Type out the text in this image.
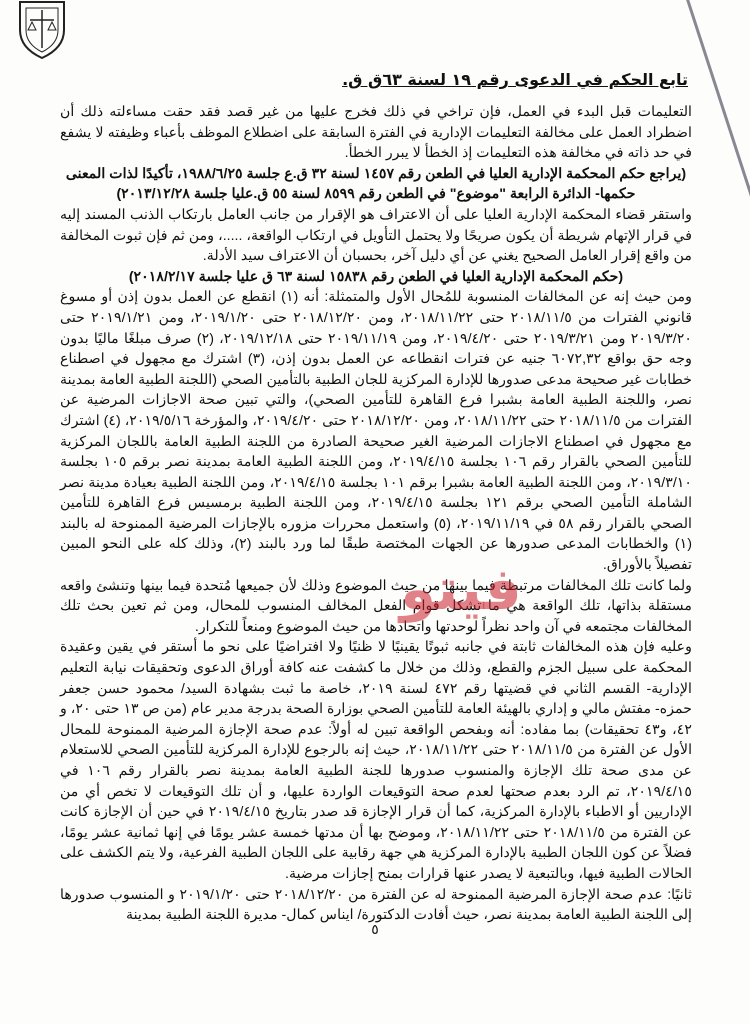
تابع الحكم في الدعوى رقم ١٩ لسنة ٦٣ق ق.

التعليمات قبل البدء في العمل، فإن تراخي في ذلك فخرج عليها من غير قصد فقد حقت مساءلته ذلك أن اضطراد العمل على مخالفة التعليمات الإدارية في الفترة السابقة على اضطلاع الموظف بأعباء وظيفته لا يشفع في حد ذاته في مخالفة هذه التعليمات إذ الخطأ لا يبرر الخطأ.

(يراجع حكم المحكمة الإدارية العليا في الطعن رقم ١٤٥٧ لسنة ٣٢ ق.ع جلسة ١٩٨٨/٦/٢٥، تأكيدًا لذات المعنى حكمها- الدائرة الرابعة "موضوع" في الطعن رقم ٨٥٩٩ لسنة ٥٥ ق.عليا جلسة ٢٠١٣/١٢/٢٨)

واستقر قضاء المحكمة الإدارية العليا على أن الاعتراف هو الإقرار من جانب العامل بارتكاب الذنب المسند إليه في قرار الإتهام شريطة أن يكون صريحًا ولا يحتمل التأويل في ارتكاب الواقعة، .....، ومن ثم فإن ثبوت المخالفة من واقع إقرار العامل الصحيح يغني عن أي دليل آخر، بحسبان أن الاعتراف سيد الأدلة.

(حكم المحكمة الإدارية العليا في الطعن رقم ١٥٨٣٨ لسنة ٦٣ ق عليا جلسة ٢٠١٨/٢/١٧)

ومن حيث إنه عن المخالفات المنسوبة للمُحال الأول والمتمثلة: أنه (١) انقطع عن العمل بدون إذن أو مسوغ قانوني الفترات من ٢٠١٨/١١/٥ حتى ٢٠١٨/١١/٢٢، ومن ٢٠١٨/١٢/٢٠ حتى ٢٠١٩/١/٢٠، ومن ٢٠١٩/١/٢١ حتى ٢٠١٩/٣/٢٠ ومن ٢٠١٩/٣/٢١ حتى ٢٠١٩/٤/٢٠، ومن ٢٠١٩/١١/١٩ حتى ٢٠١٩/١٢/١٨، (٢) صرف مبلغًا ماليًا بدون وجه حق بواقع ٦٠٧٢,٣٢ جنيه عن فترات انقطاعه عن العمل بدون إذن، (٣) اشترك مع مجهول في اصطناع خطابات غير صحيحة مدعى صدورها للإدارة المركزية للجان الطبية بالتأمين الصحي (اللجنة الطبية العامة بمدينة نصر، واللجنة الطبية العامة بشبرا فرع القاهرة للتأمين الصحي)، والتي تبين صحة الاجازات المرضية عن الفترات من ٢٠١٨/١١/٥ حتى ٢٠١٨/١١/٢٢، ومن ٢٠١٨/١٢/٢٠ حتى ٢٠١٩/٤/٢٠، والمؤرخة ٢٠١٩/٥/١٦، (٤) اشترك مع مجهول في اصطناع الاجازات المرضية الغير صحيحة الصادرة من اللجنة الطبية العامة باللجان المركزية للتأمين الصحي بالقرار رقم ١٠٦ بجلسة ٢٠١٩/٤/١٥، ومن اللجنة الطبية العامة بمدينة نصر برقم ١٠٥ بجلسة ٢٠١٩/٣/١٠، ومن اللجنة الطبية العامة بشبرا برقم ١٠١ بجلسة ٢٠١٩/٤/١٥، ومن اللجنة الطبية بعيادة مدينة نصر الشاملة التأمين الصحي برقم ١٢١ بجلسة ٢٠١٩/٤/١٥، ومن اللجنة الطبية برمسيس فرع القاهرة للتأمين الصحي بالقرار رقم ٥٨ في ٢٠١٩/١١/١٩، (٥) واستعمل محررات مزوره بالإجازات المرضية الممنوحة له بالبند (١) والخطابات المدعى صدورها عن الجهات المختصة طبقًا لما ورد بالبند (٢)، وذلك كله على النحو المبين تفصيلاً بالأوراق.

ولما كانت تلك المخالفات مرتبطة فيما بينها من حيث الموضوع وذلك لأن جميعها مُتحدة فيما بينها وتنشئ واقعه مستقلة بذاتها، تلك الواقعة هي ما تشكل قوام الفعل المخالف المنسوب للمحال، ومن ثم تعين بحث تلك المخالفات مجتمعه في آن واحد نظراً لوحدتها واتحادها من حيث الموضوع ومنعاً للتكرار.

وعليه فإن هذه المخالفات ثابتة في جانبه ثبوتًا يقينيًا لا ظنيًا ولا افتراضيًا على نحو ما أستقر في يقين وعقيدة المحكمة على سبيل الجزم والقطع، وذلك من خلال ما كشفت عنه كافة أوراق الدعوى وتحقيقات نيابة التعليم الإدارية- القسم الثاني في قضيتها رقم ٤٧٢ لسنة ٢٠١٩، خاصة ما ثبت بشهادة السيد/ محمود حسن جعفر حمزه- مفتش مالي و إداري بالهيئة العامة للتأمين الصحي بوزارة الصحة بدرجة مدير عام (من ص ١٣ حتى ٢٠، و ٤٢، و٤٣ تحقيقات) بما مفاده: أنه وبفحص الواقعة تبين له أولاً: عدم صحة الإجازة المرضية الممنوحة للمحال الأول عن الفترة من ٢٠١٨/١١/٥ حتى ٢٠١٨/١١/٢٢، حيث إنه بالرجوع للإدارة المركزية للتأمين الصحي للاستعلام عن مدى صحة تلك الإجازة والمنسوب صدورها للجنة الطبية العامة بمدينة نصر بالقرار رقم ١٠٦ في ٢٠١٩/٤/١٥، تم الرد بعدم صحتها لعدم صحة التوقيعات الواردة عليها، و أن تلك التوقيعات لا تخص أي من الإداريين أو الاطباء بالإدارة المركزية، كما أن قرار الإجازة قد صدر بتاريخ ٢٠١٩/٤/١٥ في حين أن الإجازة كانت عن الفترة من ٢٠١٨/١١/٥ حتى ٢٠١٨/١١/٢٢، وموضح بها أن مدتها خمسة عشر يومًا في إنها ثمانية عشر يومًا، فضلاً عن كون اللجان الطبية بالإدارة المركزية هي جهة رقابية على اللجان الطبية الفرعية، ولا يتم الكشف على الحالات الطبية فيها، وبالتبعية لا يصدر عنها قرارات بمنح إجازات مرضية.

ثانيًا: عدم صحة الإجازة المرضية الممنوحة له عن الفترة من ٢٠١٨/١٢/٢٠ حتى ٢٠١٩/١/٢٠ و المنسوب صدورها إلى اللجنة الطبية العامة بمدينة نصر، حيث أفادت الدكتورة/ ايناس كمال- مديرة اللجنة الطبية بمدينة

فيتو
٥
